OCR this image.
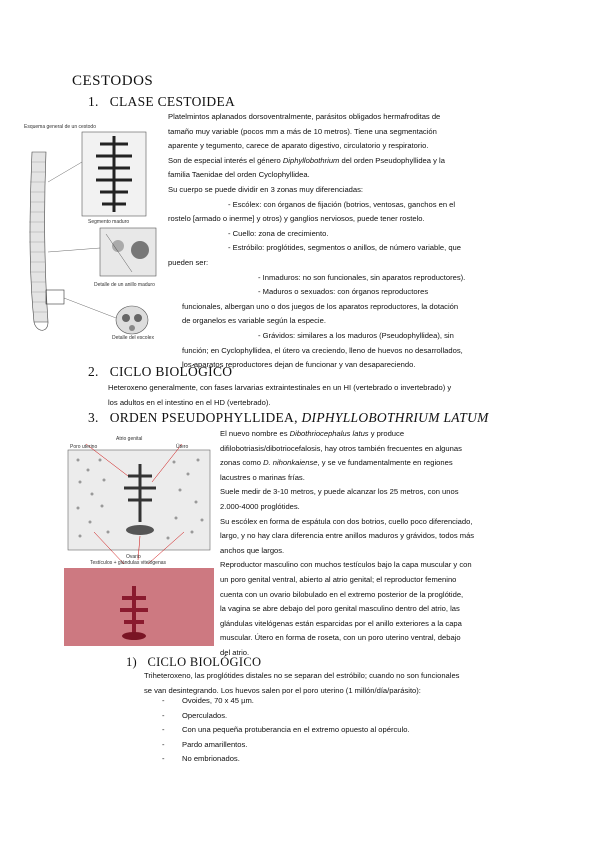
CESTODOS
1. CLASE CESTOIDEA
Esquema general de un cestodo
Segmento maduro
Detalle de un anillo maduro
Detalle del escolex
Platelmintos aplanados dorsoventralmente, parásitos obligados hermafroditas de
tamaño muy variable (pocos mm a más de 10 metros). Tiene una segmentación
aparente y tegumento, carece de aparato digestivo, circulatorio y respiratorio.
Son de especial interés el género Diphyllobothrium del orden Pseudophyllidea y la
familia Taenidae del orden Cyclophyllidea.
Su cuerpo se puede dividir en 3 zonas muy diferenciadas:
- Escólex: con órganos de fijación (botrios, ventosas, ganchos en el
rostelo [armado o inerme] y otros) y ganglios nerviosos, puede tener rostelo.
- Cuello: zona de crecimiento.
- Estróbilo: proglótides, segmentos o anillos, de número variable, que
pueden ser:
- Inmaduros: no son funcionales, sin aparatos reproductores).
- Maduros o sexuados: con órganos reproductores
funcionales, albergan uno o dos juegos de los aparatos reproductores, la dotación
de organelos es variable según la especie.
- Grávidos: similares a los maduros (Pseudophyllidea), sin
función; en Cyclophyllidea, el útero va creciendo, lleno de huevos no desarrollados,
los aparatos reproductores dejan de funcionar y van desapareciendo.
2. CICLO BIOLÓGICO
Heteroxeno generalmente, con fases larvarias extraintestinales en un HI (vertebrado o invertebrado) y
los adultos en el intestino en el HD (vertebrado).
3. ORDEN PSEUDOPHYLLIDEA, DIPHYLLOBOTHRIUM LATUM
Atrio genital
Poro uterino	Útero
Ovario
Testículos + glándulas vitelógenas
El nuevo nombre es Dibothriocephalus latus y produce
difilobotriasis/dibotriocefalosis, hay otros también frecuentes en algunas
zonas como D. nihonkaiense, y se ve fundamentalmente en regiones
lacustres o marinas frías.
Suele medir de 3-10 metros, y puede alcanzar los 25 metros, con unos
2.000-4000 proglótides.
Su escólex en forma de espátula con dos botrios, cuello poco diferenciado,
largo, y no hay clara diferencia entre anillos maduros y grávidos, todos más
anchos que largos.
Reproductor masculino con muchos testículos bajo la capa muscular y con
un poro genital ventral, abierto al atrio genital; el reproductor femenino
cuenta con un ovario bilobulado en el extremo posterior de la proglótide,
la vagina se abre debajo del poro genital masculino dentro del atrio, las
glándulas vitelógenas están esparcidas por el anillo exteriores a la capa
muscular. Útero en forma de roseta, con un poro uterino ventral, debajo
del atrio.
1) CICLO BIOLÓGICO
Triheteroxeno, las proglótides distales no se separan del estróbilo; cuando no son funcionales
se van desintegrando. Los huevos salen por el poro uterino (1 millón/día/parásito):
- Ovoides, 70 x 45 µm.
- Operculados.
- Con una pequeña protuberancia en el extremo opuesto al opérculo.
- Pardo amarillentos.
- No embrionados.
